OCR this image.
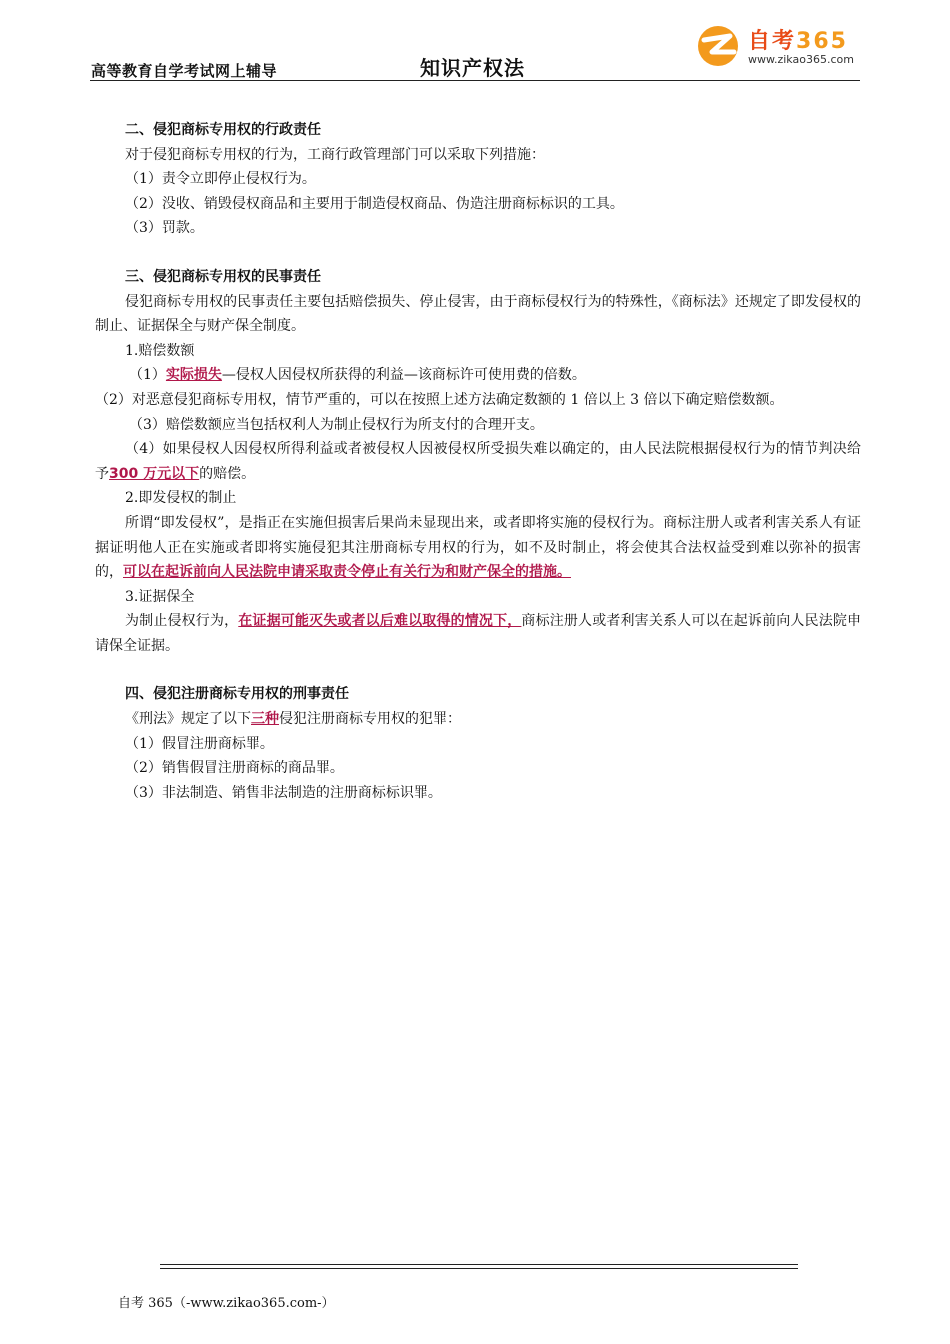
高等教育自学考试网上辅导	知识产权法
自考365
www.zikao365.com

二、侵犯商标专用权的行政责任

对于侵犯商标专用权的行为，工商行政管理部门可以采取下列措施：

（1）责令立即停止侵权行为。

（2）没收、销毁侵权商品和主要用于制造侵权商品、伪造注册商标标识的工具。

（3）罚款。

三、侵犯商标专用权的民事责任

侵犯商标专用权的民事责任主要包括赔偿损失、停止侵害，由于商标侵权行为的特殊性，《商标法》还规定了即发侵权的制止、证据保全与财产保全制度。

1.赔偿数额

（1）实际损失—侵权人因侵权所获得的利益—该商标许可使用费的倍数。

（2）对恶意侵犯商标专用权，情节严重的，可以在按照上述方法确定数额的 1 倍以上 3 倍以下确定赔偿数额。

（3）赔偿数额应当包括权利人为制止侵权行为所支付的合理开支。

（4）如果侵权人因侵权所得利益或者被侵权人因被侵权所受损失难以确定的，由人民法院根据侵权行为的情节判决给予300 万元以下的赔偿。

2.即发侵权的制止

所谓“即发侵权”，是指正在实施但损害后果尚未显现出来，或者即将实施的侵权行为。商标注册人或者利害关系人有证据证明他人正在实施或者即将实施侵犯其注册商标专用权的行为，如不及时制止，将会使其合法权益受到难以弥补的损害的，可以在起诉前向人民法院申请采取责令停止有关行为和财产保全的措施。

3.证据保全

为制止侵权行为，在证据可能灭失或者以后难以取得的情况下，商标注册人或者利害关系人可以在起诉前向人民法院申请保全证据。

四、侵犯注册商标专用权的刑事责任

《刑法》规定了以下三种侵犯注册商标专用权的犯罪：

（1）假冒注册商标罪。

（2）销售假冒注册商标的商品罪。

（3）非法制造、销售非法制造的注册商标标识罪。

自考 365（-www.zikao365.com-）
